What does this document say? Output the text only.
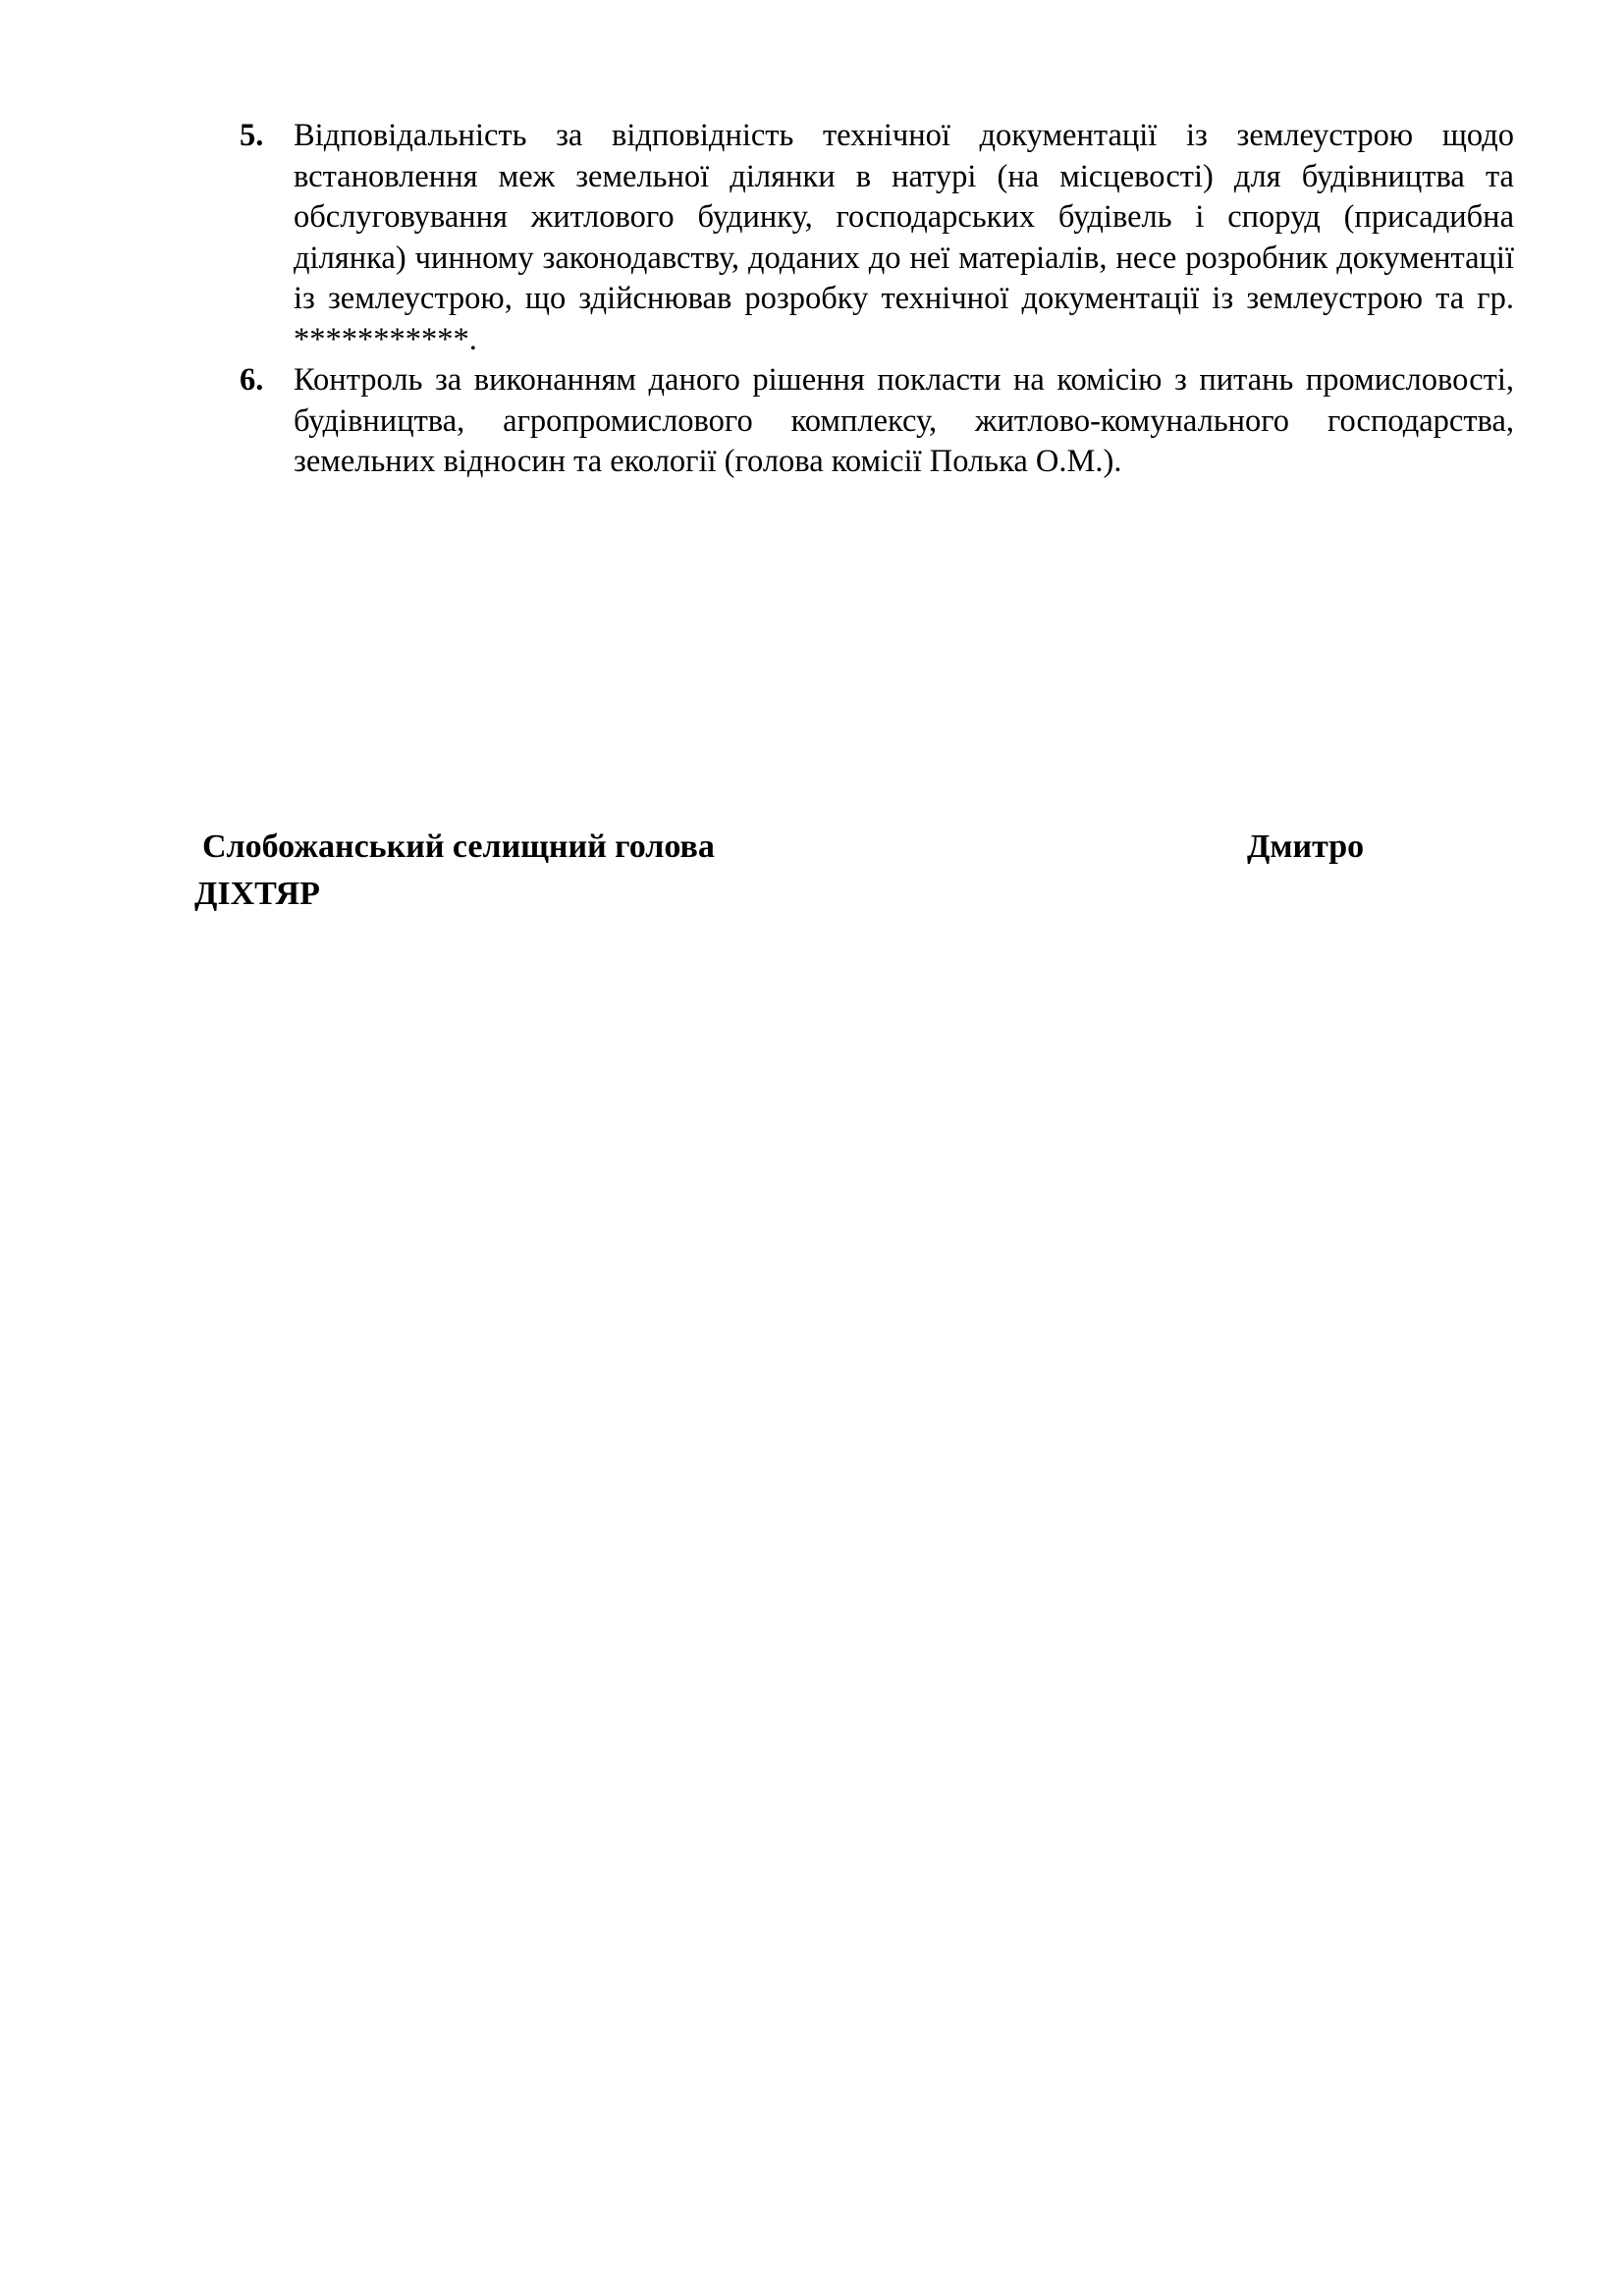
5. Відповідальність за відповідність технічної документації із землеустрою щодо встановлення меж земельної ділянки в натурі (на місцевості) для будівництва та обслуговування житлового будинку, господарських будівель і споруд (присадибна ділянка) чинному законодавству, доданих до неї матеріалів, несе розробник документації із землеустрою, що здійснював розробку технічної документації із землеустрою та гр. ***********.

6. Контроль за виконанням даного рішення покласти на комісію з питань промисловості, будівництва, агропромислового комплексу, житлово-комунального господарства, земельних відносин та екології (голова комісії Полька О.М.).

Слобожанський селищний голова	Дмитро
ДІХТЯР
